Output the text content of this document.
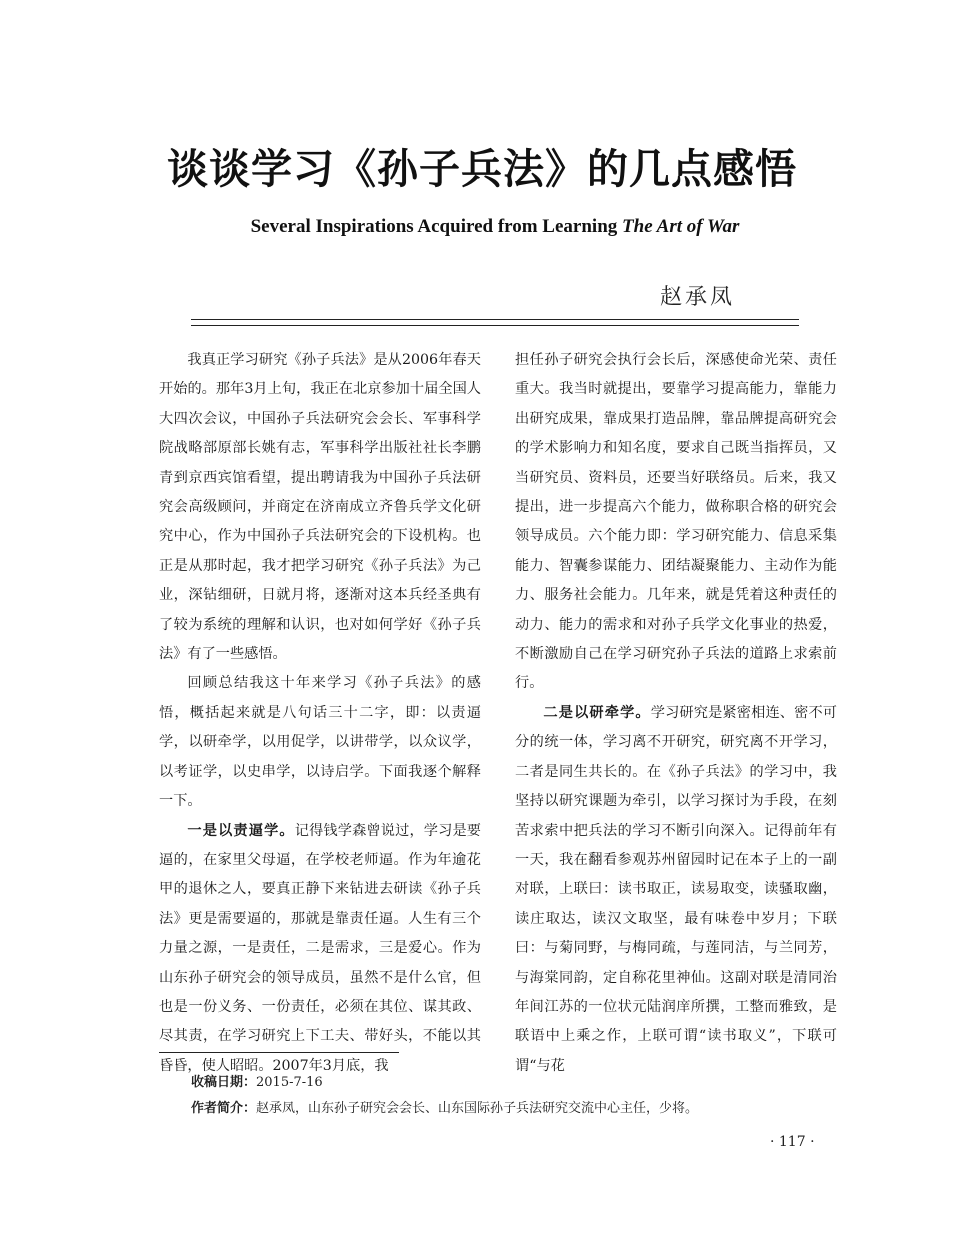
谈谈学习《孙子兵法》的几点感悟
Several Inspirations Acquired from Learning The Art of War
赵承凤

我真正学习研究《孙子兵法》是从2006年春天开始的。那年3月上旬，我正在北京参加十届全国人大四次会议，中国孙子兵法研究会会长、军事科学院战略部原部长姚有志，军事科学出版社社长李鹏青到京西宾馆看望，提出聘请我为中国孙子兵法研究会高级顾问，并商定在济南成立齐鲁兵学文化研究中心，作为中国孙子兵法研究会的下设机构。也正是从那时起，我才把学习研究《孙子兵法》为己业，深钻细研，日就月将，逐渐对这本兵经圣典有了较为系统的理解和认识，也对如何学好《孙子兵法》有了一些感悟。

回顾总结我这十年来学习《孙子兵法》的感悟，概括起来就是八句话三十二字，即：以责逼学，以研牵学，以用促学，以讲带学，以众议学，以考证学，以史串学，以诗启学。下面我逐个解释一下。

一是以责逼学。记得钱学森曾说过，学习是要逼的，在家里父母逼，在学校老师逼。作为年逾花甲的退休之人，要真正静下来钻进去研读《孙子兵法》更是需要逼的，那就是靠责任逼。人生有三个力量之源，一是责任，二是需求，三是爱心。作为山东孙子研究会的领导成员，虽然不是什么官，但也是一份义务、一份责任，必须在其位、谋其政、尽其责，在学习研究上下工夫、带好头，不能以其昏昏，使人昭昭。2007年3月底，我

担任孙子研究会执行会长后，深感使命光荣、责任重大。我当时就提出，要靠学习提高能力，靠能力出研究成果，靠成果打造品牌，靠品牌提高研究会的学术影响力和知名度，要求自己既当指挥员，又当研究员、资料员，还要当好联络员。后来，我又提出，进一步提高六个能力，做称职合格的研究会领导成员。六个能力即：学习研究能力、信息采集能力、智囊参谋能力、团结凝聚能力、主动作为能力、服务社会能力。几年来，就是凭着这种责任的动力、能力的需求和对孙子兵学文化事业的热爱，不断激励自己在学习研究孙子兵法的道路上求索前行。

二是以研牵学。学习研究是紧密相连、密不可分的统一体，学习离不开研究，研究离不开学习，二者是同生共长的。在《孙子兵法》的学习中，我坚持以研究课题为牵引，以学习探讨为手段，在刻苦求索中把兵法的学习不断引向深入。记得前年有一天，我在翻看参观苏州留园时记在本子上的一副对联，上联曰：读书取正，读易取变，读骚取幽，读庄取达，读汉文取坚，最有味卷中岁月；下联曰：与菊同野，与梅同疏，与莲同洁，与兰同芳，与海棠同韵，定自称花里神仙。这副对联是清同治年间江苏的一位状元陆润庠所撰，工整而雅致，是联语中上乘之作，上联可谓“读书取义”，下联可谓“与花

收稿日期：2015-7-16
作者简介：赵承凤，山东孙子研究会会长、山东国际孙子兵法研究交流中心主任，少将。
· 117 ·
